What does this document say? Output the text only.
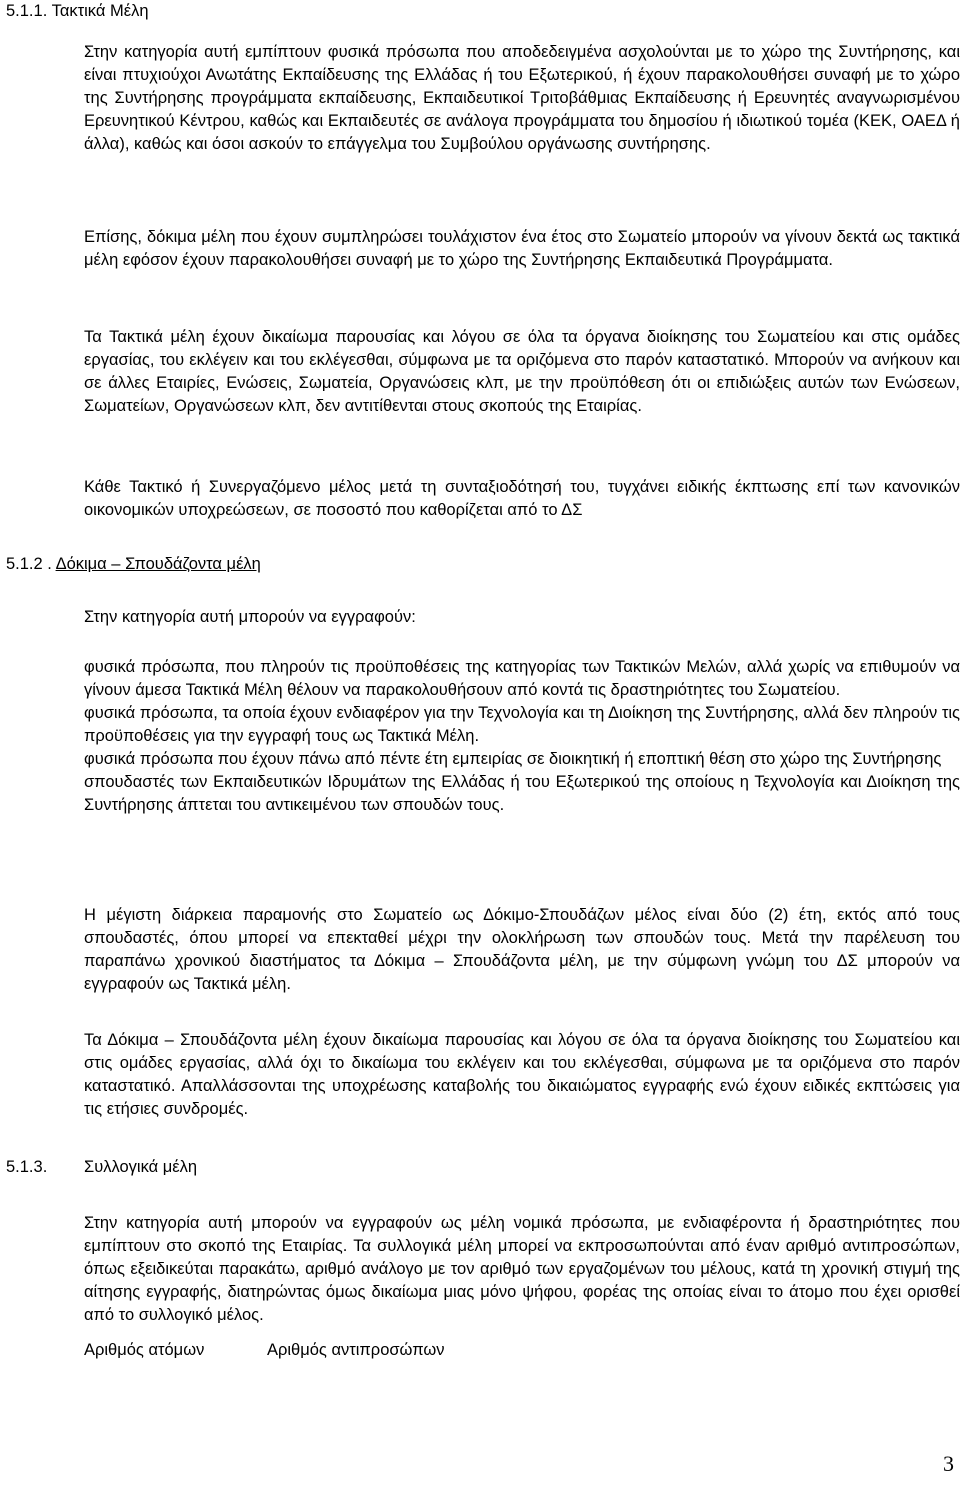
5.1.1. Τακτικά Μέλη

Στην κατηγορία αυτή εμπίπτουν φυσικά πρόσωπα που αποδεδειγμένα ασχολούνται με το χώρο της Συντήρησης, και είναι πτυχιούχοι Ανωτάτης Εκπαίδευσης της Ελλάδας ή του Εξωτερικού, ή έχουν παρακολουθήσει συναφή με το χώρο της Συντήρησης προγράμματα εκπαίδευσης, Εκπαιδευτικοί Τριτοβάθμιας Εκπαίδευσης ή Ερευνητές αναγνωρισμένου Ερευνητικού Κέντρου, καθώς και Εκπαιδευτές σε ανάλογα προγράμματα του δημοσίου ή ιδιωτικού τομέα (ΚΕΚ, ΟΑΕΔ ή άλλα), καθώς και όσοι ασκούν το επάγγελμα του Συμβούλου οργάνωσης συντήρησης.

Επίσης, δόκιμα μέλη που έχουν συμπληρώσει τουλάχιστον ένα έτος στο Σωματείο μπορούν να γίνουν δεκτά ως τακτικά μέλη εφόσον έχουν παρακολουθήσει συναφή με το χώρο της Συντήρησης Εκπαιδευτικά Προγράμματα.

Τα Τακτικά μέλη έχουν δικαίωμα παρουσίας και λόγου σε όλα τα όργανα διοίκησης του Σωματείου και στις ομάδες εργασίας, του εκλέγειν και του εκλέγεσθαι, σύμφωνα με τα οριζόμενα στο παρόν καταστατικό. Μπορούν να ανήκουν και σε άλλες Εταιρίες, Ενώσεις, Σωματεία, Οργανώσεις κλπ, με την προϋπόθεση ότι οι επιδιώξεις αυτών των Ενώσεων, Σωματείων, Οργανώσεων κλπ, δεν αντιτίθενται στους σκοπούς της Εταιρίας.

Κάθε Τακτικό ή Συνεργαζόμενο μέλος μετά τη συνταξιοδότησή του, τυγχάνει ειδικής έκπτωσης επί των κανονικών οικονομικών υποχρεώσεων, σε ποσοστό που καθορίζεται από το ΔΣ

5.1.2 . Δόκιμα – Σπουδάζοντα μέλη

Στην κατηγορία αυτή μπορούν να εγγραφούν:

φυσικά πρόσωπα, που πληρούν τις προϋποθέσεις της κατηγορίας των Τακτικών Μελών, αλλά χωρίς να επιθυμούν να γίνουν άμεσα Τακτικά Μέλη θέλουν να παρακολουθήσουν από κοντά τις δραστηριότητες του Σωματείου.
φυσικά πρόσωπα, τα οποία έχουν ενδιαφέρον για την Τεχνολογία και τη Διοίκηση της Συντήρησης, αλλά δεν πληρούν τις προϋποθέσεις για την εγγραφή τους ως Τακτικά Μέλη.
φυσικά πρόσωπα που έχουν πάνω από πέντε έτη εμπειρίας σε διοικητική ή εποπτική θέση στο χώρο της Συντήρησης
σπουδαστές των Εκπαιδευτικών Ιδρυμάτων της Ελλάδας ή του Εξωτερικού της οποίους η Τεχνολογία και Διοίκηση της Συντήρησης άπτεται του αντικειμένου των σπουδών τους.

Η μέγιστη διάρκεια παραμονής στο Σωματείο ως Δόκιμο-Σπουδάζων μέλος είναι δύο (2) έτη, εκτός από τους σπουδαστές, όπου μπορεί να επεκταθεί μέχρι την ολοκλήρωση των σπουδών τους. Μετά την παρέλευση του παραπάνω χρονικού διαστήματος τα Δόκιμα – Σπουδάζοντα μέλη, με την σύμφωνη γνώμη του ΔΣ μπορούν να εγγραφούν ως Τακτικά μέλη.

Τα Δόκιμα – Σπουδάζοντα μέλη έχουν δικαίωμα παρουσίας και λόγου σε όλα τα όργανα διοίκησης του Σωματείου και στις ομάδες εργασίας, αλλά όχι το δικαίωμα του εκλέγειν και του εκλέγεσθαι, σύμφωνα με τα οριζόμενα στο παρόν καταστατικό. Απαλλάσσονται της υποχρέωσης καταβολής του δικαιώματος εγγραφής ενώ έχουν ειδικές εκπτώσεις για τις ετήσιες συνδρομές.

5.1.3. Συλλογικά μέλη

Στην κατηγορία αυτή μπορούν να εγγραφούν ως μέλη νομικά πρόσωπα, με ενδιαφέροντα ή δραστηριότητες που εμπίπτουν στο σκοπό της Εταιρίας. Τα συλλογικά μέλη μπορεί να εκπροσωπούνται από έναν αριθμό αντιπροσώπων, όπως εξειδικεύται παρακάτω, αριθμό ανάλογο με τον αριθμό των εργαζομένων του μέλους, κατά τη χρονική στιγμή της αίτησης εγγραφής, διατηρώντας όμως δικαίωμα μιας μόνο ψήφου, φορέας της οποίας είναι το άτομο που έχει ορισθεί από το συλλογικό μέλος.

Αριθμός ατόμων	Αριθμός αντιπροσώπων
3
